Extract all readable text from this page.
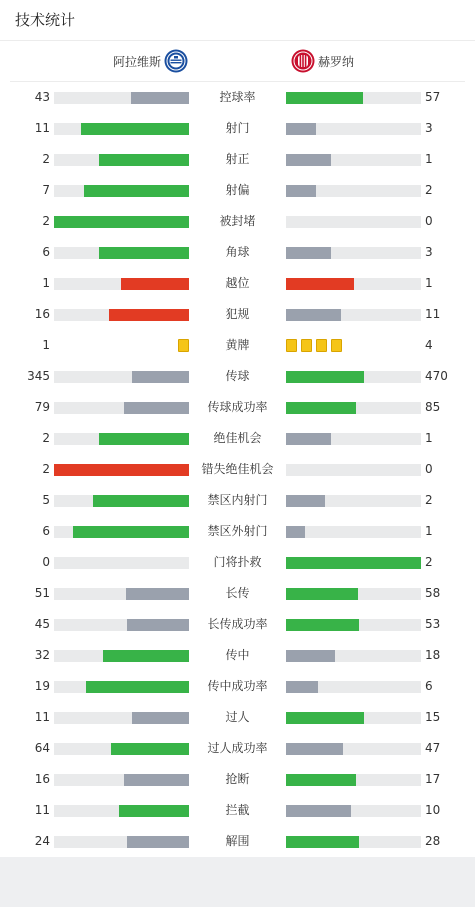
技术统计
阿拉维斯	赫罗纳
43	控球率	57
11	射门	3
2	射正	1
7	射偏	2
2	被封堵	0
6	角球	3
1	越位	1
16	犯规	11
1	黄牌	4
345	传球	470
79	传球成功率	85
2	绝佳机会	1
2	错失绝佳机会	0
5	禁区内射门	2
6	禁区外射门	1
0	门将扑救	2
51	长传	58
45	长传成功率	53
32	传中	18
19	传中成功率	6
11	过人	15
64	过人成功率	47
16	抢断	17
11	拦截	10
24	解围	28
